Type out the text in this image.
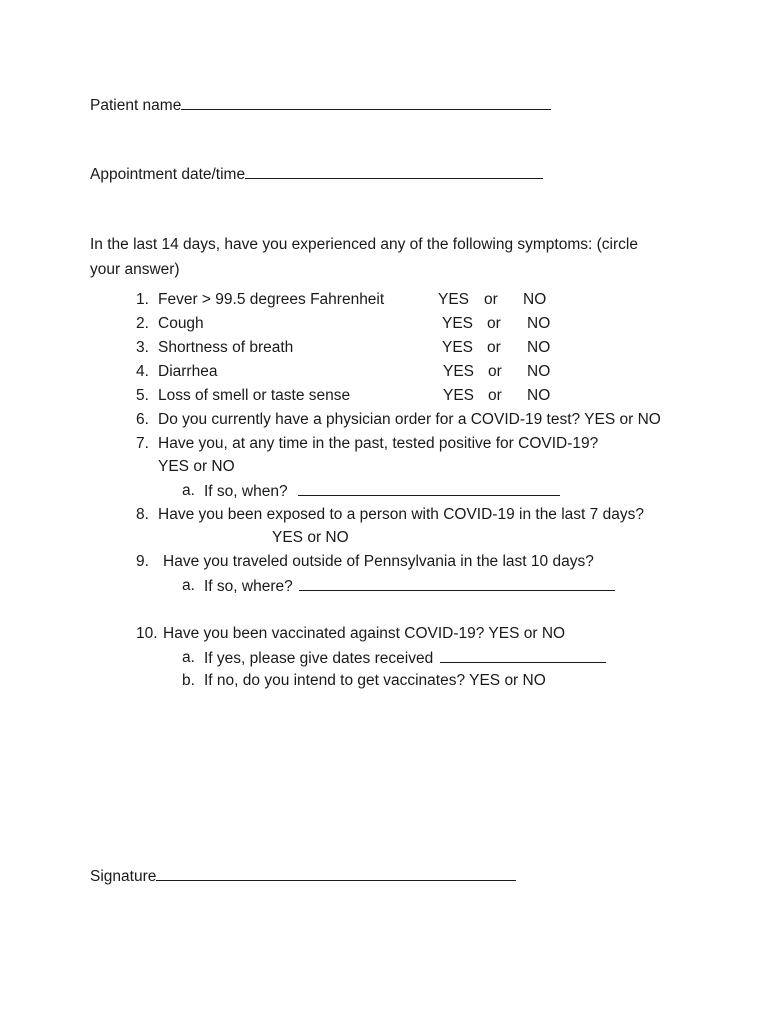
Patient name
Appointment date/time
In the last 14 days, have you experienced any of the following symptoms: (circle your answer)
1. Fever > 99.5 degrees Fahrenheit	YES or NO
2. Cough	YES or NO
3. Shortness of breath	YES or NO
4. Diarrhea	YES or NO
5. Loss of smell or taste sense	YES or NO
6. Do you currently have a physician order for a COVID-19 test? YES or NO
7. Have you, at any time in the past, tested positive for COVID-19?
YES or NO
a. If so, when?
8. Have you been exposed to a person with COVID-19 in the last 7 days?
YES or NO
9. Have you traveled outside of Pennsylvania in the last 10 days?
a. If so, where?
10. Have you been vaccinated against COVID-19? YES or NO
a. If yes, please give dates received
b. If no, do you intend to get vaccinates? YES or NO
Signature
